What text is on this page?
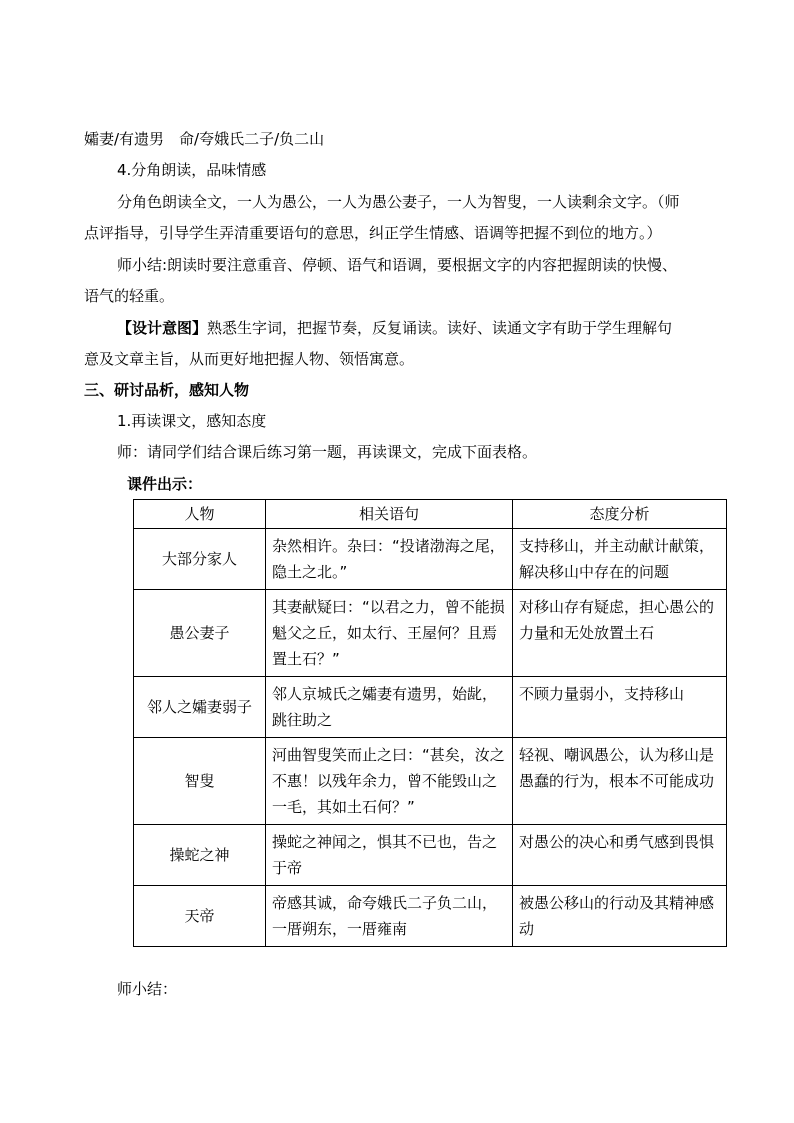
孀妻/有遗男　命/夸娥氏二子/负二山

4.分角朗读，品味情感

分角色朗读全文，一人为愚公，一人为愚公妻子，一人为智叟，一人读剩余文字。（师

点评指导，引导学生弄清重要语句的意思，纠正学生情感、语调等把握不到位的地方。）

师小结:朗读时要注意重音、停顿、语气和语调，要根据文字的内容把握朗读的快慢、

语气的轻重。

【设计意图】熟悉生字词，把握节奏，反复诵读。读好、读通文字有助于学生理解句

意及文章主旨，从而更好地把握人物、领悟寓意。

三、研讨品析，感知人物

1.再读课文，感知态度

师：请同学们结合课后练习第一题，再读课文，完成下面表格。

课件出示：

人物	相关语句	态度分析
大部分家人	杂然相许。杂曰：“投诸渤海之尾，隐土之北。”	支持移山，并主动献计献策，解决移山中存在的问题
愚公妻子	其妻献疑曰：“以君之力，曾不能损魁父之丘，如太行、王屋何？且焉置土石？”	对移山存有疑虑，担心愚公的力量和无处放置土石
邻人之孀妻弱子	邻人京城氏之孀妻有遗男，始龀，跳往助之	不顾力量弱小，支持移山
智叟	河曲智叟笑而止之曰：“甚矣，汝之不惠！以残年余力，曾不能毁山之一毛，其如土石何？”	轻视、嘲讽愚公，认为移山是愚蠢的行为，根本不可能成功
操蛇之神	操蛇之神闻之，惧其不已也，告之于帝	对愚公的决心和勇气感到畏惧
天帝	帝感其诚，命夸娥氏二子负二山，一厝朔东，一厝雍南	被愚公移山的行动及其精神感动

师小结：
